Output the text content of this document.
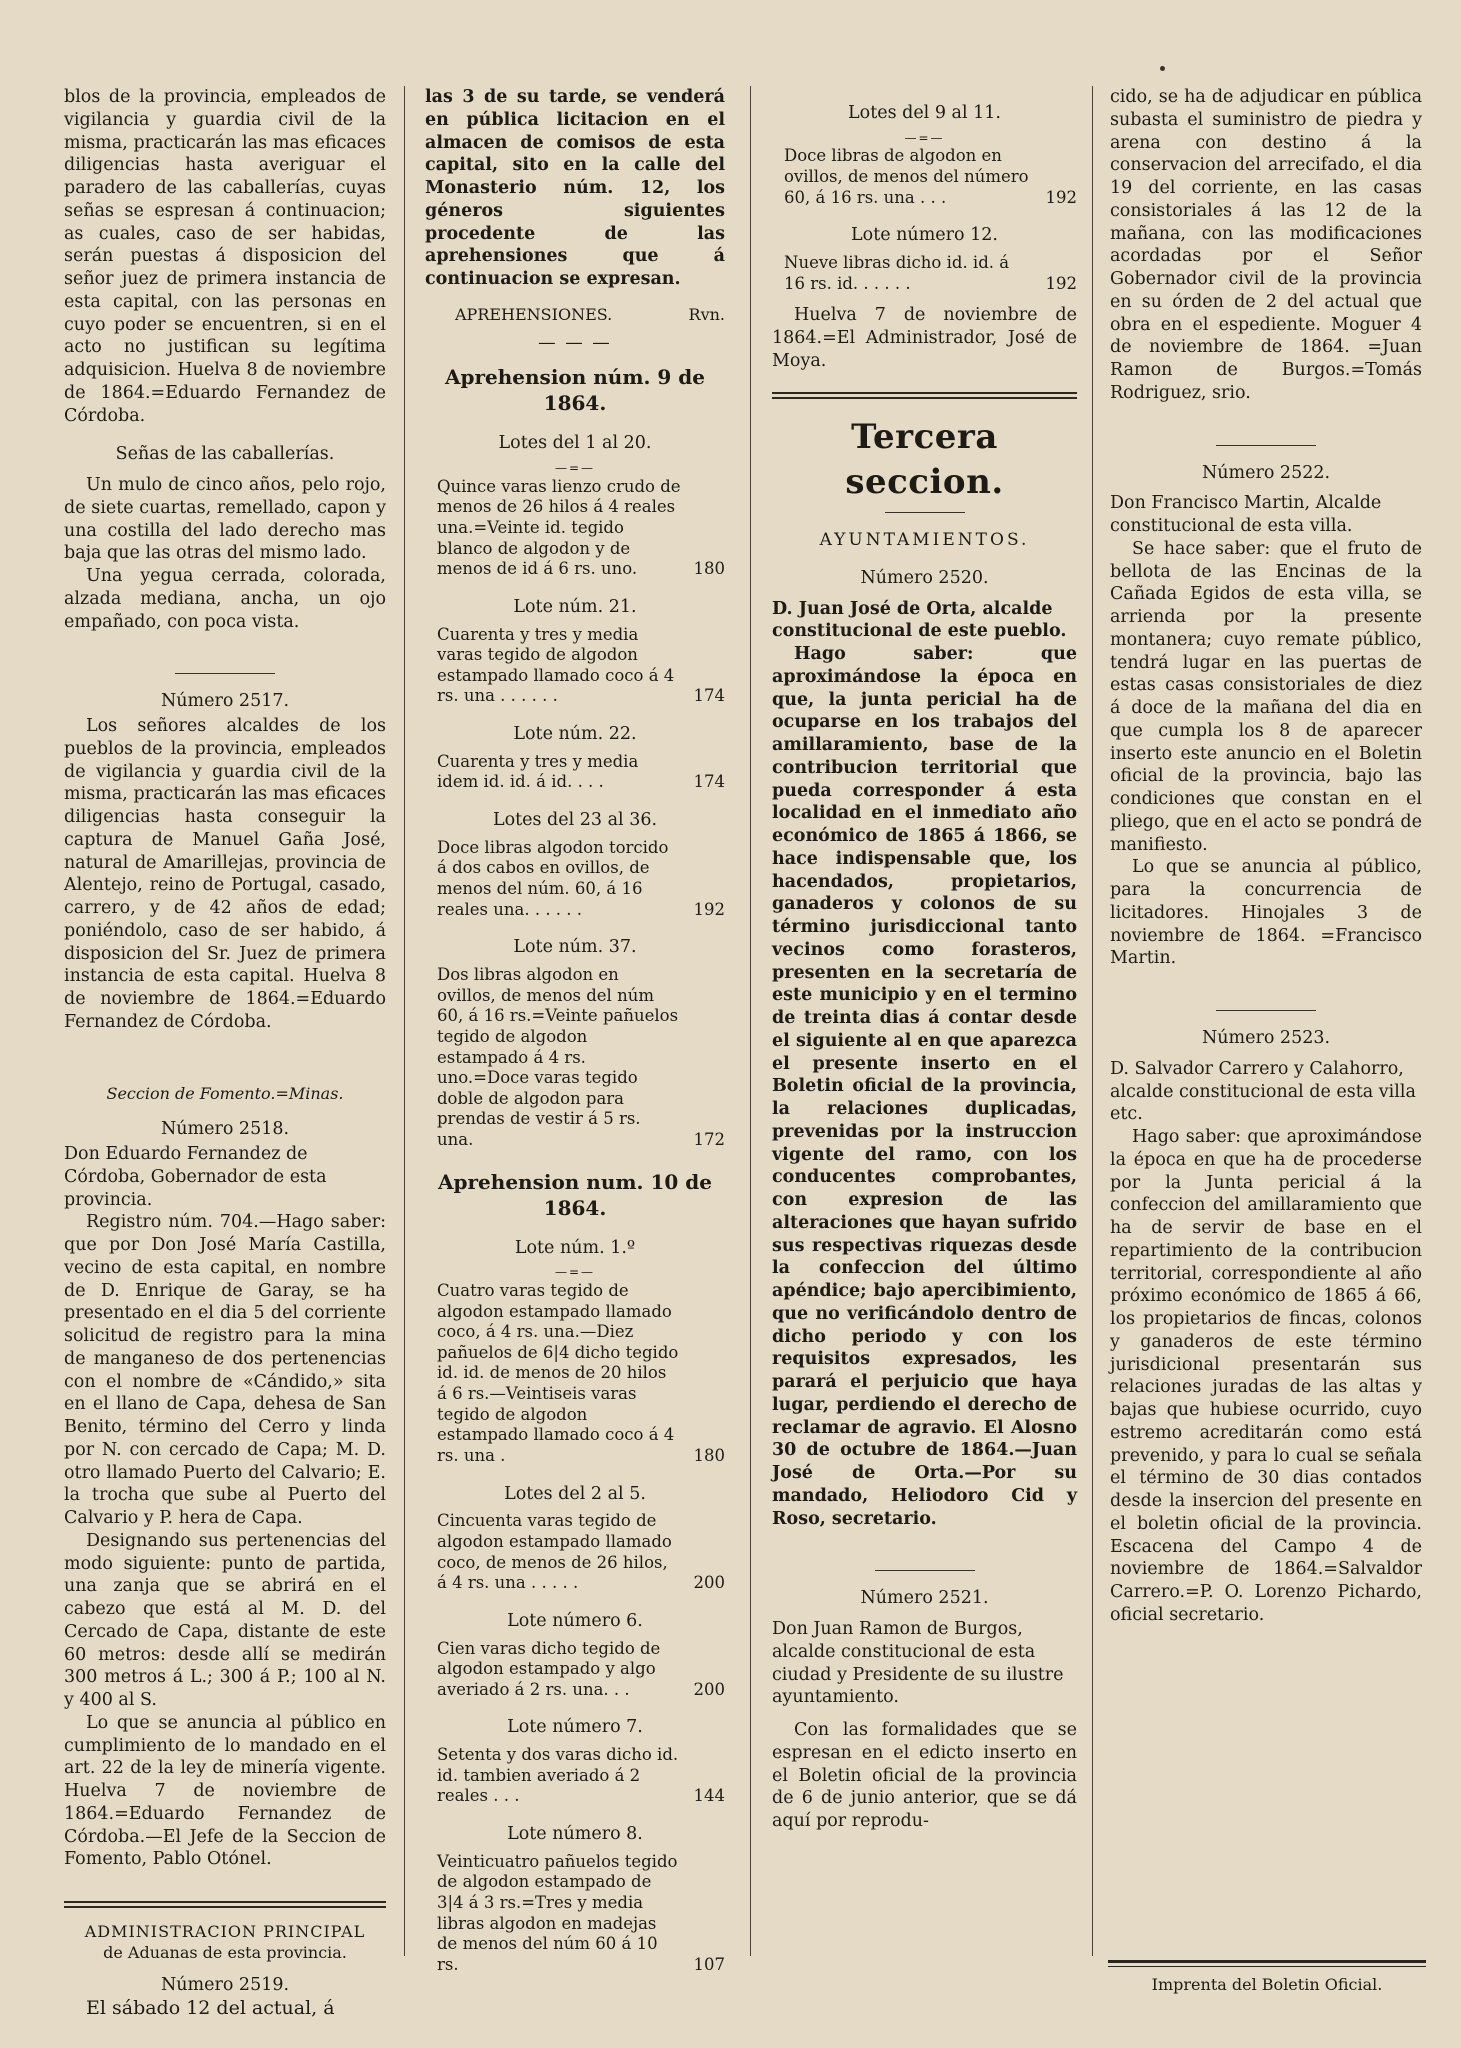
blos de la provincia, empleados de vigilancia y guardia civil de la misma, practicarán las mas eficaces diligencias hasta averiguar el paradero de las caballerías, cuyas señas se espresan á continuacion; as cuales, caso de ser habidas, serán puestas á disposicion del señor juez de primera instancia de esta capital, con las personas en cuyo poder se encuentren, si en el acto no justifican su legítima adquisicion. Huelva 8 de noviembre de 1864.=Eduardo Fernandez de Córdoba.

Señas de las caballerías.

Un mulo de cinco años, pelo rojo, de siete cuartas, remellado, capon y una costilla del lado derecho mas baja que las otras del mismo lado.

Una yegua cerrada, colorada, alzada mediana, ancha, un ojo empañado, con poca vista.

Número 2517.

Los señores alcaldes de los pueblos de la provincia, empleados de vigilancia y guardia civil de la misma, practicarán las mas eficaces diligencias hasta conseguir la captura de Manuel Gaña José, natural de Amarillejas, provincia de Alentejo, reino de Portugal, casado, carrero, y de 42 años de edad; poniéndolo, caso de ser habido, á disposicion del Sr. Juez de primera instancia de esta capital. Huelva 8 de noviembre de 1864.=Eduardo Fernandez de Córdoba.

Seccion de Fomento.=Minas.

Número 2518.

Don Eduardo Fernandez de Córdoba, Gobernador de esta provincia.

Registro núm. 704.—Hago saber: que por Don José María Castilla, vecino de esta capital, en nombre de D. Enrique de Garay, se ha presentado en el dia 5 del corriente solicitud de registro para la mina de manganeso de dos pertenencias con el nombre de «Cándido,» sita en el llano de Capa, dehesa de San Benito, término del Cerro y linda por N. con cercado de Capa; M. D. otro llamado Puerto del Calvario; E. la trocha que sube al Puerto del Calvario y P. hera de Capa.

Designando sus pertenencias del modo siguiente: punto de partida, una zanja que se abrirá en el cabezo que está al M. D. del Cercado de Capa, distante de este 60 metros: desde allí se medirán 300 metros á L.; 300 á P.; 100 al N. y 400 al S.

Lo que se anuncia al público en cumplimiento de lo mandado en el art. 22 de la ley de minería vigente. Huelva 7 de noviembre de 1864.=Eduardo Fernandez de Córdoba.—El Jefe de la Seccion de Fomento, Pablo Otónel.

ADMINISTRACION PRINCIPAL

de Aduanas de esta provincia.

Número 2519.

El sábado 12 del actual, á

las 3 de su tarde, se venderá en pública licitacion en el almacen de comisos de esta capital, sito en la calle del Monasterio núm. 12, los géneros siguientes procedente de las aprehensiones que á continuacion se expresan.

APREHENSIONES.	Rvn.
— — —

Aprehension núm. 9 de 1864.

Lotes del 1 al 20.

—=—
Quince varas lienzo crudo de menos de 26 hilos á 4 reales una.=Veinte id. tegido blanco de algodon y de menos de id á 6 rs. uno.	180

Lote núm. 21.

Cuarenta y tres y media varas tegido de algodon estampado llamado coco á 4 rs. una . . . . . .	174

Lote núm. 22.

Cuarenta y tres y media idem id. id. á id. . . .	174

Lotes del 23 al 36.

Doce libras algodon torcido á dos cabos en ovillos, de menos del núm. 60, á 16 reales una. . . . . .	192

Lote núm. 37.

Dos libras algodon en ovillos, de menos del núm 60, á 16 rs.=Veinte pañuelos tegido de algodon estampado á 4 rs. uno.=Doce varas tegido doble de algodon para prendas de vestir á 5 rs. una.	172

Aprehension num. 10 de 1864.

Lote núm. 1.º

—=—
Cuatro varas tegido de algodon estampado llamado coco, á 4 rs. una.—Diez pañuelos de 6|4 dicho tegido id. id. de menos de 20 hilos á 6 rs.—Veintiseis varas tegido de algodon estampado llamado coco á 4 rs. una .	180

Lotes del 2 al 5.

Cincuenta varas tegido de algodon estampado llamado coco, de menos de 26 hilos, á 4 rs. una . . . . .	200

Lote número 6.

Cien varas dicho tegido de algodon estampado y algo averiado á 2 rs. una. . .	200

Lote número 7.

Setenta y dos varas dicho id. id. tambien averiado á 2 reales . . .	144

Lote número 8.

Veinticuatro pañuelos tegido de algodon estampado de 3|4 á 3 rs.=Tres y media libras algodon en madejas de menos del núm 60 á 10 rs.	107

Lotes del 9 al 11.

—=—
Doce libras de algodon en ovillos, de menos del número 60, á 16 rs. una . . .	192

Lote número 12.

Nueve libras dicho id. id. á 16 rs. id. . . . . .	192

Huelva 7 de noviembre de 1864.=El Administrador, José de Moya.

Tercera seccion.

AYUNTAMIENTOS.

Número 2520.

D. Juan José de Orta, alcalde constitucional de este pueblo.

Hago saber: que aproximándose la época en que, la junta pericial ha de ocuparse en los trabajos del amillaramiento, base de la contribucion territorial que pueda corresponder á esta localidad en el inmediato año económico de 1865 á 1866, se hace indispensable que, los hacendados, propietarios, ganaderos y colonos de su término jurisdiccional tanto vecinos como forasteros, presenten en la secretaría de este municipio y en el termino de treinta dias á contar desde el siguiente al en que aparezca el presente inserto en el Boletin oficial de la provincia, la relaciones duplicadas, prevenidas por la instruccion vigente del ramo, con los conducentes comprobantes, con expresion de las alteraciones que hayan sufrido sus respectivas riquezas desde la confeccion del último apéndice; bajo apercibimiento, que no verificándolo dentro de dicho periodo y con los requisitos expresados, les parará el perjuicio que haya lugar, perdiendo el derecho de reclamar de agravio. El Alosno 30 de octubre de 1864.—Juan José de Orta.—Por su mandado, Heliodoro Cid y Roso, secretario.

Número 2521.

Don Juan Ramon de Burgos, alcalde constitucional de esta ciudad y Presidente de su ilustre ayuntamiento.

Con las formalidades que se espresan en el edicto inserto en el Boletin oficial de la provincia de 6 de junio anterior, que se dá aquí por reprodu-

cido, se ha de adjudicar en pública subasta el suministro de piedra y arena con destino á la conservacion del arrecifado, el dia 19 del corriente, en las casas consistoriales á las 12 de la mañana, con las modificaciones acordadas por el Señor Gobernador civil de la provincia en su órden de 2 del actual que obra en el espediente. Moguer 4 de noviembre de 1864. =Juan Ramon de Burgos.=Tomás Rodriguez, srio.

Número 2522.

Don Francisco Martin, Alcalde constitucional de esta villa.

Se hace saber: que el fruto de bellota de las Encinas de la Cañada Egidos de esta villa, se arrienda por la presente montanera; cuyo remate público, tendrá lugar en las puertas de estas casas consistoriales de diez á doce de la mañana del dia en que cumpla los 8 de aparecer inserto este anuncio en el Boletin oficial de la provincia, bajo las condiciones que constan en el pliego, que en el acto se pondrá de manifiesto.

Lo que se anuncia al público, para la concurrencia de licitadores. Hinojales 3 de noviembre de 1864. =Francisco Martin.

Número 2523.

D. Salvador Carrero y Calahorro, alcalde constitucional de esta villa etc.

Hago saber: que aproximándose la época en que ha de procederse por la Junta pericial á la confeccion del amillaramiento que ha de servir de base en el repartimiento de la contribucion territorial, correspondiente al año próximo económico de 1865 á 66, los propietarios de fincas, colonos y ganaderos de este término jurisdicional presentarán sus relaciones juradas de las altas y bajas que hubiese ocurrido, cuyo estremo acreditarán como está prevenido, y para lo cual se señala el término de 30 dias contados desde la insercion del presente en el boletin oficial de la provincia. Escacena del Campo 4 de noviembre de 1864.=Salvaldor Carrero.=P. O. Lorenzo Pichardo, oficial secretario.

Imprenta del Boletin Oficial.
